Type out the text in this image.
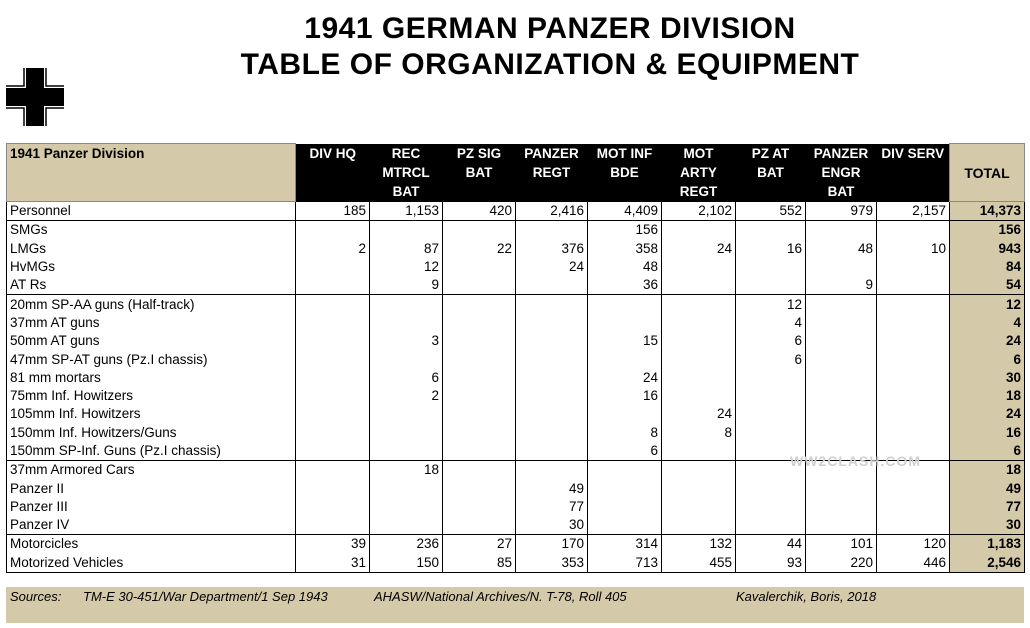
1941 GERMAN PANZER DIVISION
TABLE OF ORGANIZATION & EQUIPMENT
1941 Panzer Division	DIV HQ	REC MTRCL BAT	PZ SIG BAT	PANZER REGT	MOT INF BDE	MOT ARTY REGT	PZ AT BAT	PANZER ENGR BAT	DIV SERV	TOTAL
Personnel	185	1,153	420	2,416	4,409	2,102	552	979	2,157	14,373
SMGs					156					156
LMGs	2	87	22	376	358	24	16	48	10	943
HvMGs		12		24	48					84
AT Rs		9			36			9		54
20mm SP-AA guns (Half-track)							12			12
37mm AT guns							4			4
50mm AT guns		3			15		6			24
47mm SP-AT guns (Pz.I chassis)							6			6
81 mm mortars		6			24					30
75mm Inf. Howitzers		2			16					18
105mm Inf. Howitzers						24				24
150mm Inf. Howitzers/Guns					8	8				16
150mm SP-Inf. Guns (Pz.I chassis)					6					6
37mm Armored Cars		18								18
Panzer II				49						49
Panzer III				77						77
Panzer IV				30						30
Motorcicles	39	236	27	170	314	132	44	101	120	1,183
Motorized Vehicles	31	150	85	353	713	455	93	220	446	2,546
WW2CLASH.COM
Sources: TM-E 30-451/War Department/1 Sep 1943	AHASW/National Archives/N. T-78, Roll 405	Kavalerchik, Boris, 2018
